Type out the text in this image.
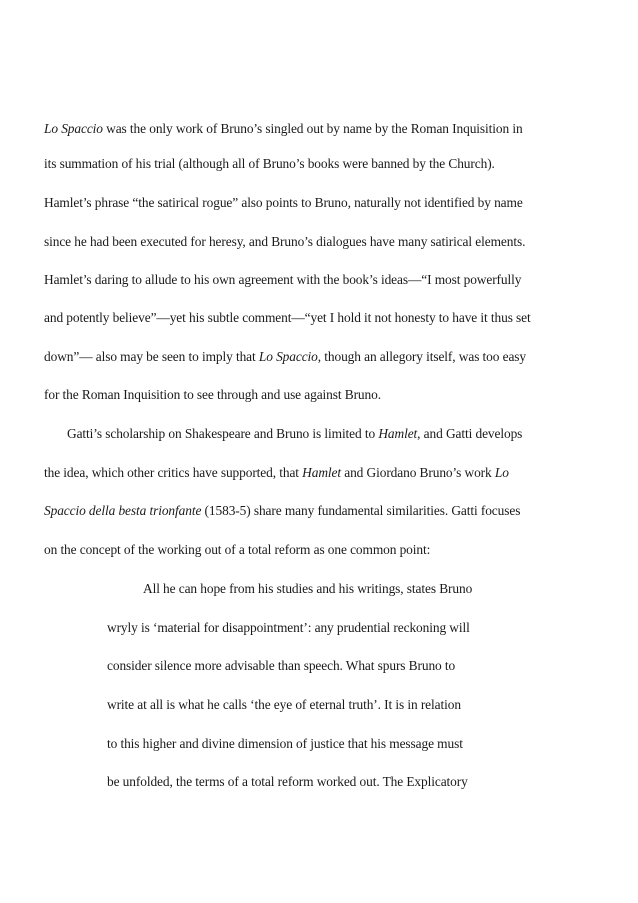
Lo Spaccio was the only work of Bruno’s singled out by name by the Roman Inquisition in
its summation of his trial (although all of Bruno’s books were banned by the Church).
Hamlet’s phrase “the satirical rogue” also points to Bruno, naturally not identified by name
since he had been executed for heresy, and Bruno’s dialogues have many satirical elements.
Hamlet’s daring to allude to his own agreement with the book’s ideas—“I most powerfully
and potently believe”—yet his subtle comment—“yet I hold it not honesty to have it thus set
down”— also may be seen to imply that Lo Spaccio, though an allegory itself, was too easy
for the Roman Inquisition to see through and use against Bruno.
Gatti’s scholarship on Shakespeare and Bruno is limited to Hamlet, and Gatti develops
the idea, which other critics have supported, that Hamlet and Giordano Bruno’s work Lo
Spaccio della besta trionfante (1583-5) share many fundamental similarities. Gatti focuses
on the concept of the working out of a total reform as one common point:
All he can hope from his studies and his writings, states Bruno
wryly is ‘material for disappointment’: any prudential reckoning will
consider silence more advisable than speech. What spurs Bruno to
write at all is what he calls ‘the eye of eternal truth’. It is in relation
to this higher and divine dimension of justice that his message must
be unfolded, the terms of a total reform worked out. The Explicatory
